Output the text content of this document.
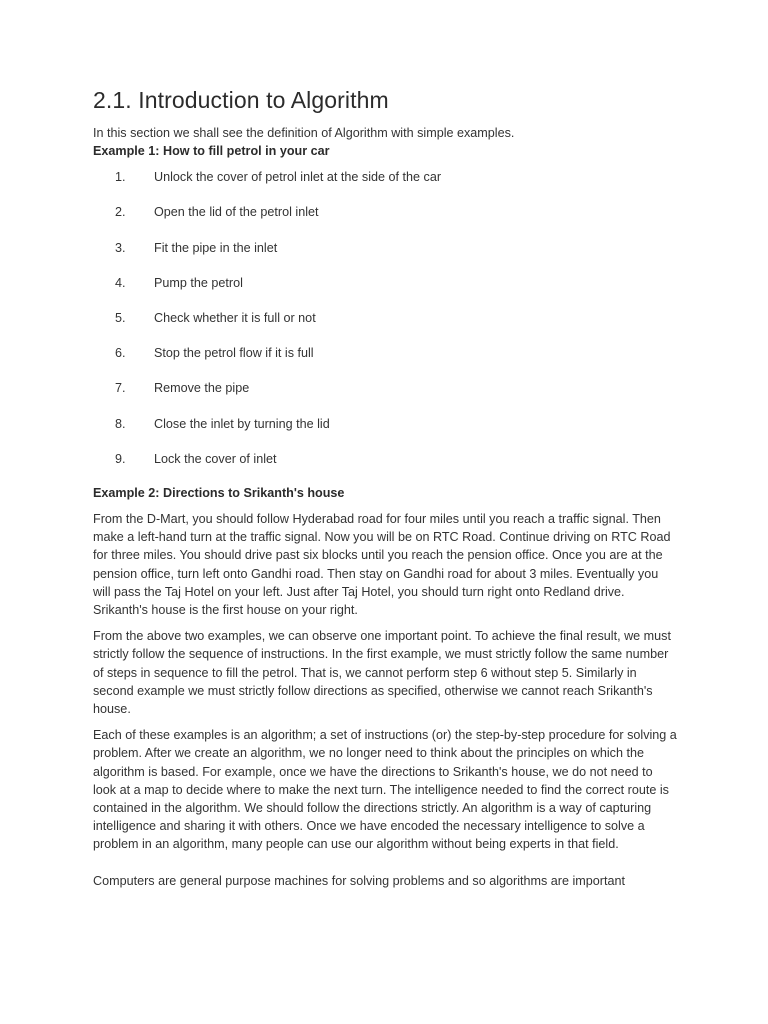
2.1. Introduction to Algorithm

In this section we shall see the definition of Algorithm with simple examples.

Example 1: How to fill petrol in your car
1. Unlock the cover of petrol inlet at the side of the car
2. Open the lid of the petrol inlet
3. Fit the pipe in the inlet
4. Pump the petrol
5. Check whether it is full or not
6. Stop the petrol flow if it is full
7. Remove the pipe
8. Close the inlet by turning the lid
9. Lock the cover of inlet
Example 2: Directions to Srikanth's house

From the D-Mart, you should follow Hyderabad road for four miles until you reach a traffic signal. Then make a left-hand turn at the traffic signal. Now you will be on RTC Road. Continue driving on RTC Road for three miles. You should drive past six blocks until you reach the pension office. Once you are at the pension office, turn left onto Gandhi road. Then stay on Gandhi road for about 3 miles. Eventually you will pass the Taj Hotel on your left. Just after Taj Hotel, you should turn right onto Redland drive. Srikanth's house is the first house on your right.

From the above two examples, we can observe one important point. To achieve the final result, we must strictly follow the sequence of instructions. In the first example, we must strictly follow the same number of steps in sequence to fill the petrol. That is, we cannot perform step 6 without step 5. Similarly in second example we must strictly follow directions as specified, otherwise we cannot reach Srikanth's house.

Each of these examples is an algorithm; a set of instructions (or) the step-by-step procedure for solving a problem. After we create an algorithm, we no longer need to think about the principles on which the algorithm is based. For example, once we have the directions to Srikanth's house, we do not need to look at a map to decide where to make the next turn. The intelligence needed to find the correct route is contained in the algorithm. We should follow the directions strictly. An algorithm is a way of capturing intelligence and sharing it with others. Once we have encoded the necessary intelligence to solve a problem in an algorithm, many people can use our algorithm without being experts in that field.

Computers are general purpose machines for solving problems and so algorithms are important
